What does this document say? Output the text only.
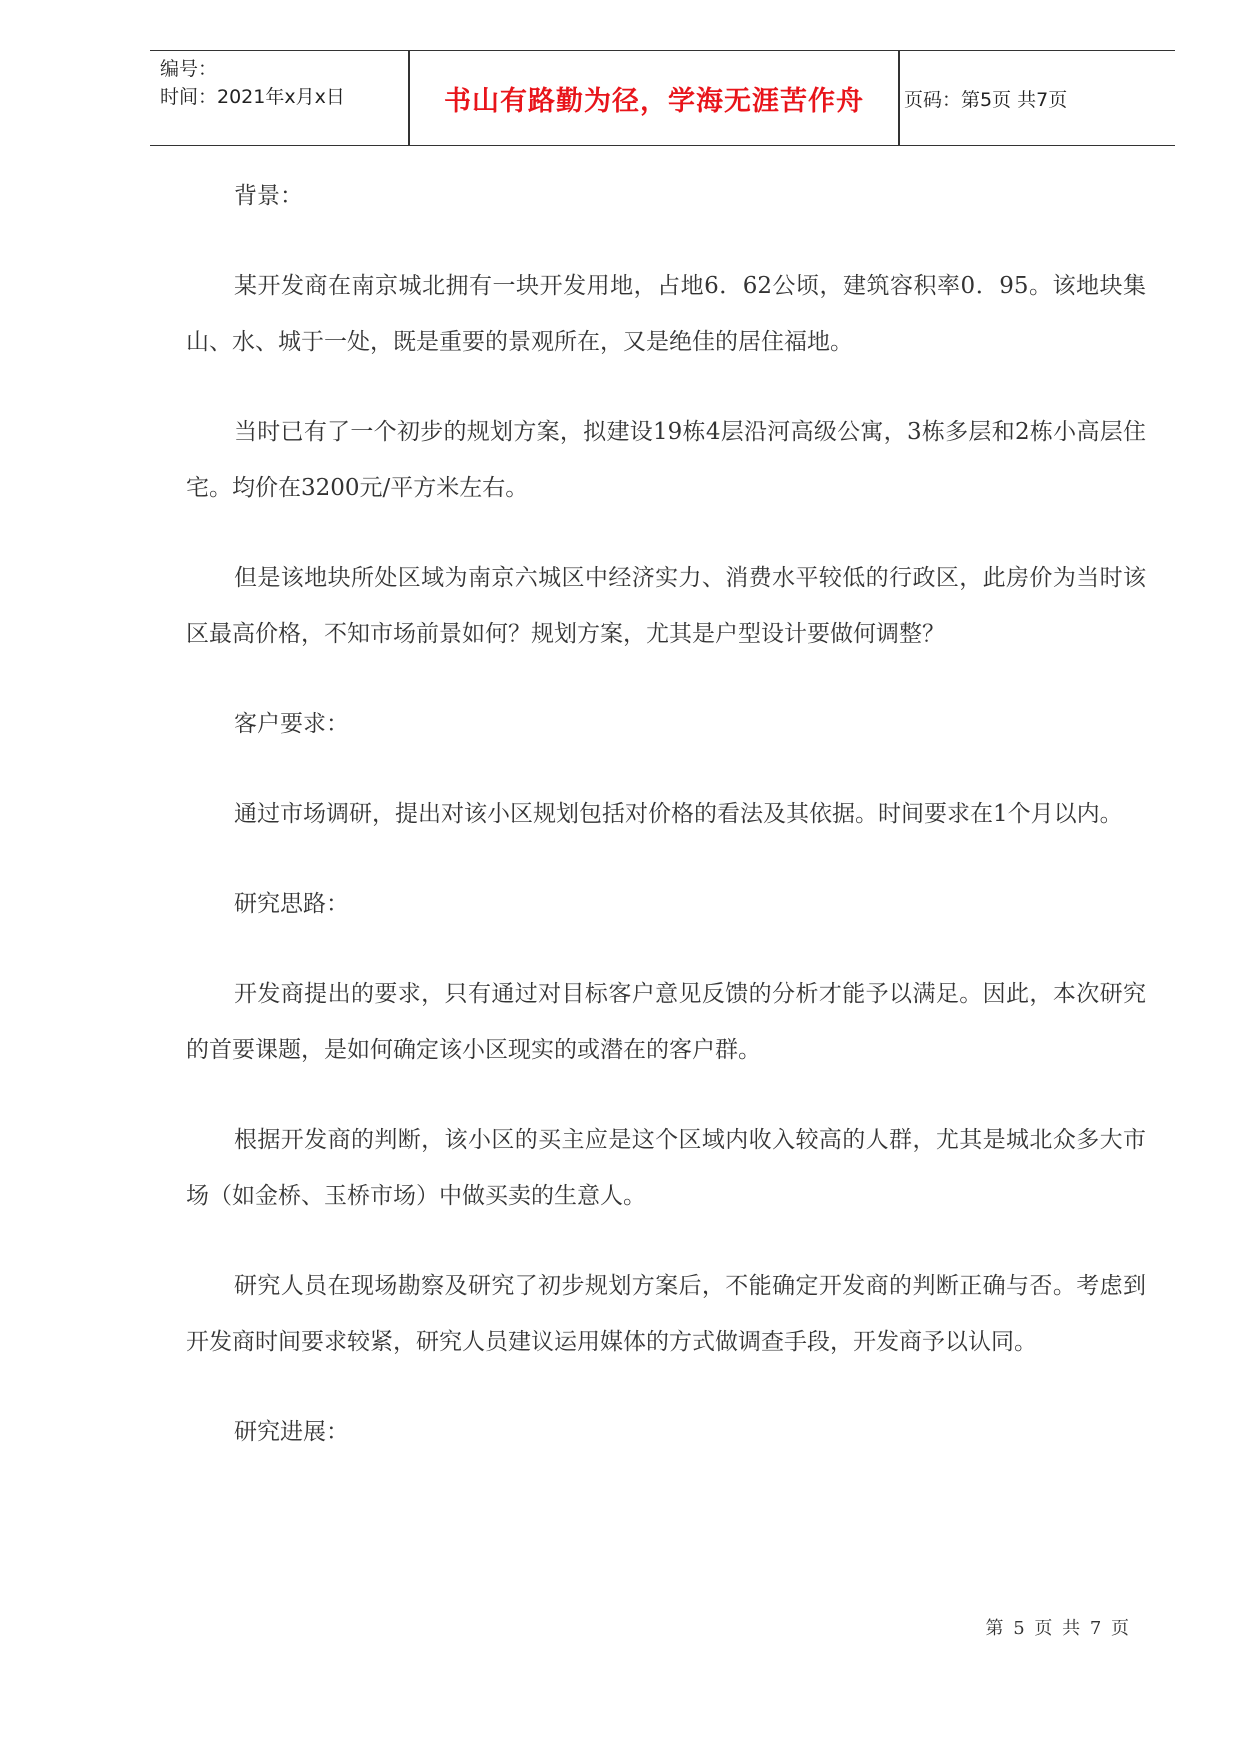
编号：
时间：2021年x月x日	书山有路勤为径，学海无涯苦作舟	页码：第5页 共7页

背景：

某开发商在南京城北拥有一块开发用地，占地6．62公顷，建筑容积率0．95。该地块集山、水、城于一处，既是重要的景观所在，又是绝佳的居住福地。

当时已有了一个初步的规划方案，拟建设19栋4层沿河高级公寓，3栋多层和2栋小高层住宅。均价在3200元/平方米左右。

但是该地块所处区域为南京六城区中经济实力、消费水平较低的行政区，此房价为当时该区最高价格，不知市场前景如何？规划方案，尤其是户型设计要做何调整？

客户要求：

通过市场调研，提出对该小区规划包括对价格的看法及其依据。时间要求在1个月以内。

研究思路：

开发商提出的要求，只有通过对目标客户意见反馈的分析才能予以满足。因此，本次研究的首要课题，是如何确定该小区现实的或潜在的客户群。

根据开发商的判断，该小区的买主应是这个区域内收入较高的人群，尤其是城北众多大市场（如金桥、玉桥市场）中做买卖的生意人。

研究人员在现场勘察及研究了初步规划方案后，不能确定开发商的判断正确与否。考虑到开发商时间要求较紧，研究人员建议运用媒体的方式做调查手段，开发商予以认同。

研究进展：

第 5 页 共 7 页
